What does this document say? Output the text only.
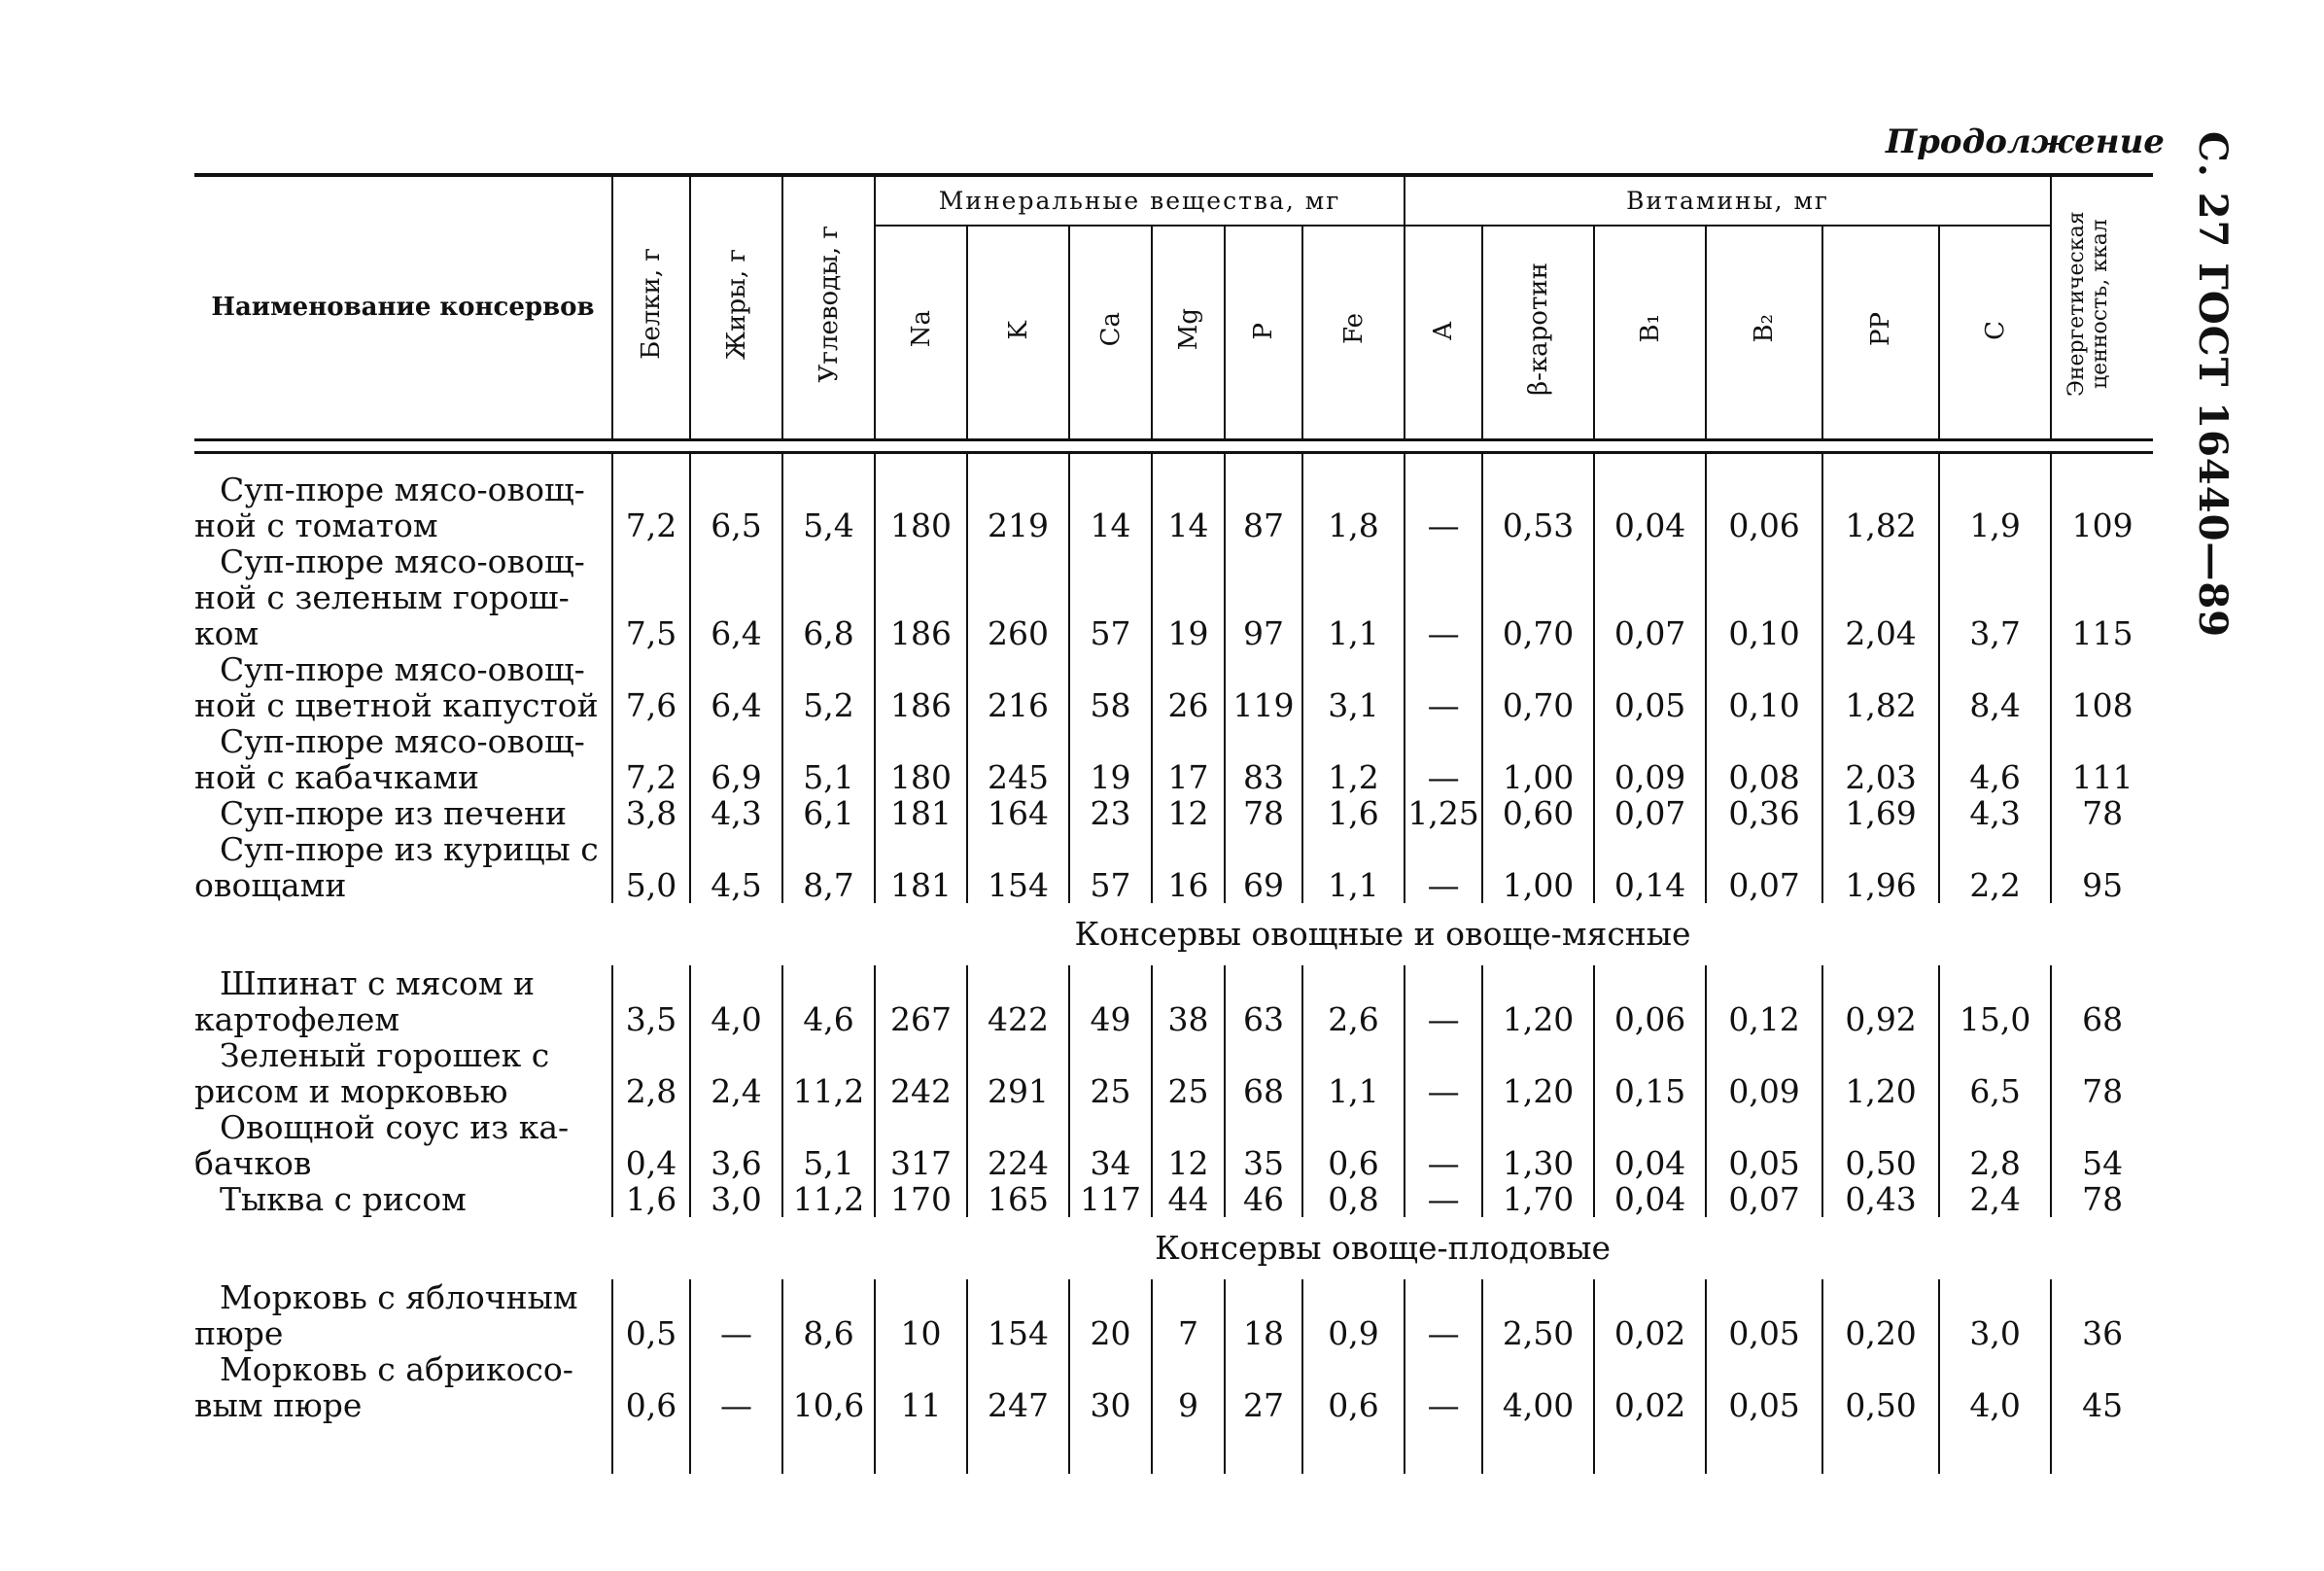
Продолжение С. 27 ГОСТ 16440—89
Наименование консервов	Белки, г	Жиры, г	Углеводы, г	Минеральные вещества, мг						Витамины, мг						Энергетическая ценность, ккал
				Na	K	Ca	Mg	P	Fe	A	β-каротин	B₁	B₂	PP	C	

Суп-пюре мясо-овощ-
ной с томатом	7,2	6,5	5,4	180	219	14	14	87	1,8	—	0,53	0,04	0,06	1,82	1,9	109

Суп-пюре мясо-овощ-
ной с зеленым горош-
ком	7,5	6,4	6,8	186	260	57	19	97	1,1	—	0,70	0,07	0,10	2,04	3,7	115

Суп-пюре мясо-овощ-
ной с цветной капустой	7,6	6,4	5,2	186	216	58	26	119	3,1	—	0,70	0,05	0,10	1,82	8,4	108

Суп-пюре мясо-овощ-
ной с кабачками	7,2	6,9	5,1	180	245	19	17	83	1,2	—	1,00	0,09	0,08	2,03	4,6	111

Суп-пюре из печени	3,8	4,3	6,1	181	164	23	12	78	1,6	1,25	0,60	0,07	0,36	1,69	4,3	78

Суп-пюре из курицы с
овощами	5,0	4,5	8,7	181	154	57	16	69	1,1	—	1,00	0,14	0,07	1,96	2,2	95
	Консервы овощные и овоще-мясные															

Шпинат с мясом и
картофелем	3,5	4,0	4,6	267	422	49	38	63	2,6	—	1,20	0,06	0,12	0,92	15,0	68

Зеленый горошек с
рисом и морковью	2,8	2,4	11,2	242	291	25	25	68	1,1	—	1,20	0,15	0,09	1,20	6,5	78

Овощной соус из ка-
бачков	0,4	3,6	5,1	317	224	34	12	35	0,6	—	1,30	0,04	0,05	0,50	2,8	54

Тыква с рисом	1,6	3,0	11,2	170	165	117	44	46	0,8	—	1,70	0,04	0,07	0,43	2,4	78
	Консервы овоще-плодовые															

Морковь с яблочным
пюре	0,5	—	8,6	10	154	20	7	18	0,9	—	2,50	0,02	0,05	0,20	3,0	36

Морковь с абрикосо-
вым пюре	0,6	—	10,6	11	247	30	9	27	0,6	—	4,00	0,02	0,05	0,50	4,0	45
